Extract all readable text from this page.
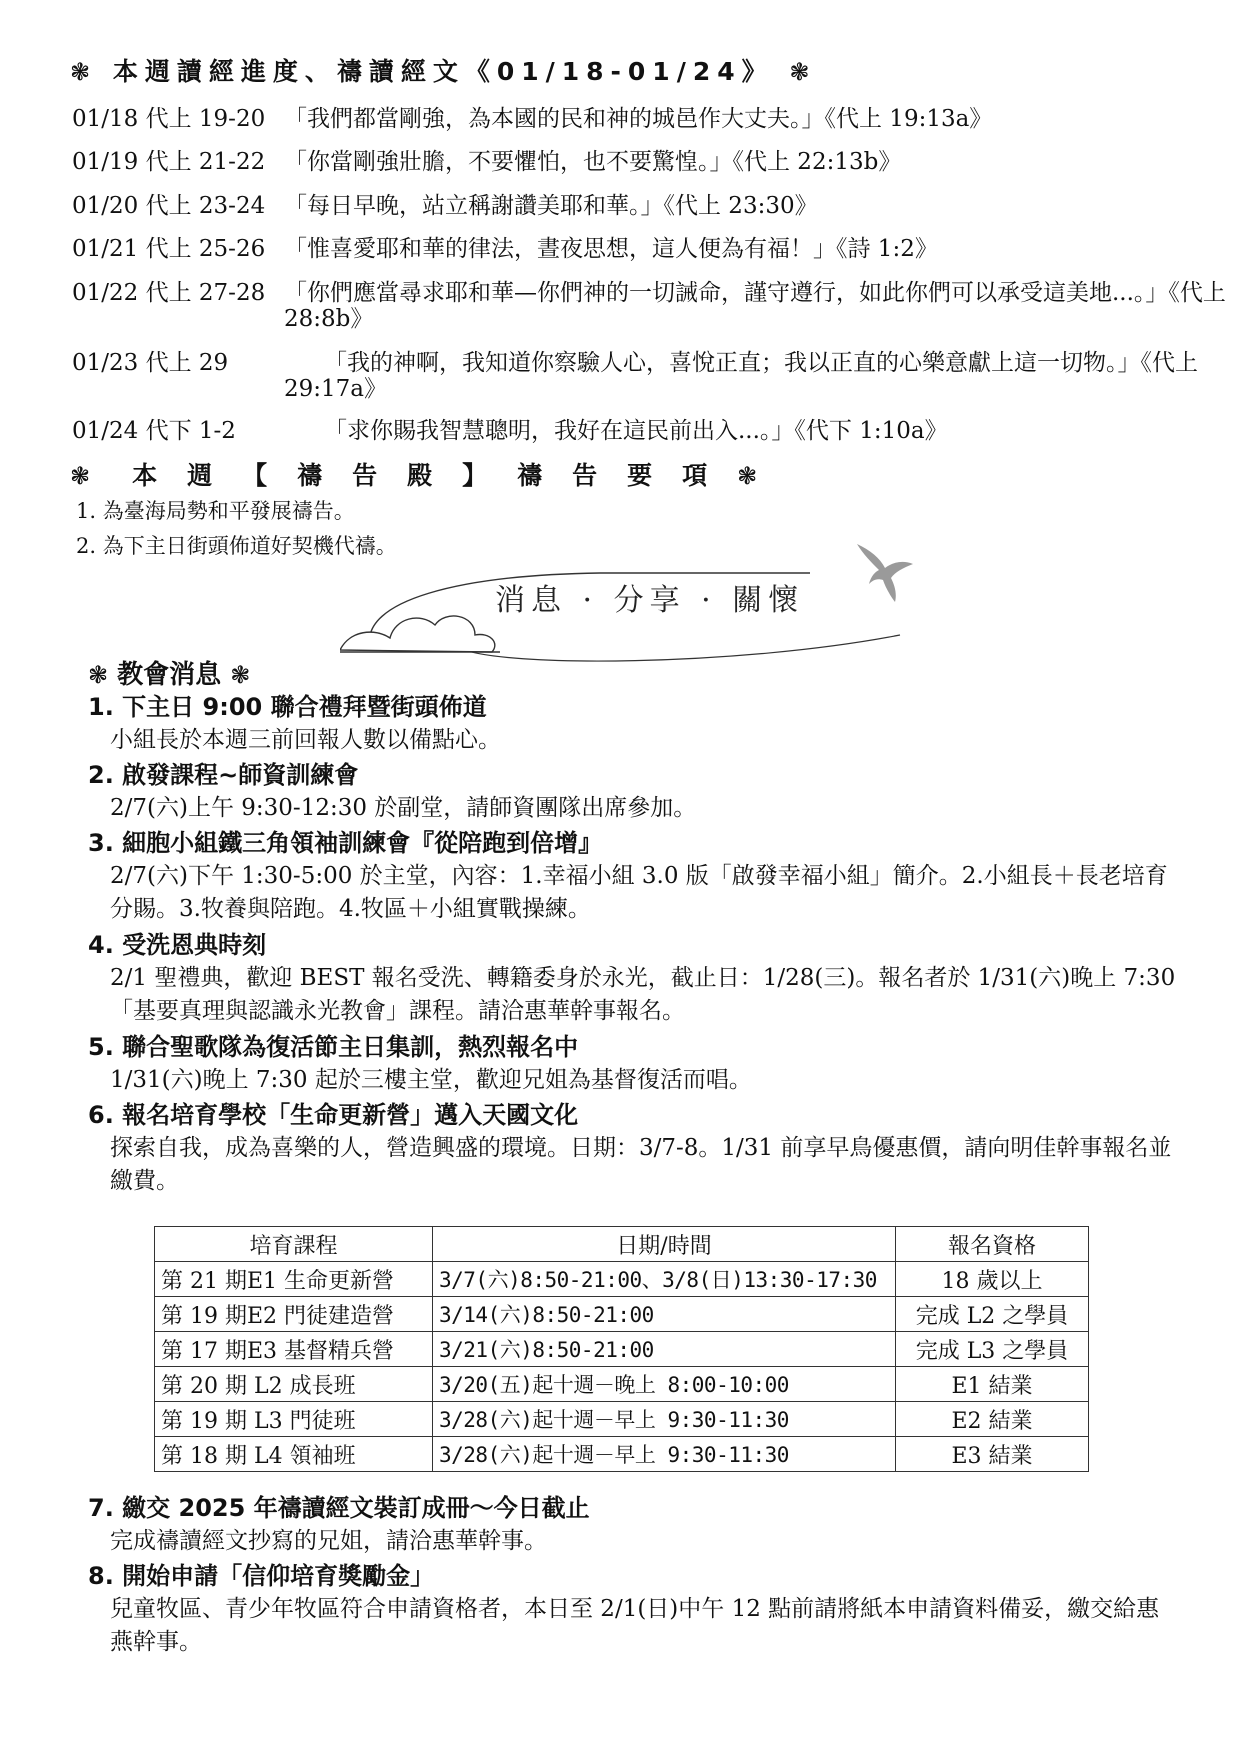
❃ 本週讀經進度、禱讀經文《01/18-01/24》 ❃
01/18 代上 19-20 「我們都當剛強，為本國的民和神的城邑作大丈夫。」《代上 19:13a》
01/19 代上 21-22 「你當剛強壯膽，不要懼怕，也不要驚惶。」《代上 22:13b》
01/20 代上 23-24 「每日早晚，站立稱謝讚美耶和華。」《代上 23:30》
01/21 代上 25-26 「惟喜愛耶和華的律法，晝夜思想，這人便為有福！」《詩 1:2》
01/22 代上 27-28 「你們應當尋求耶和華—你們神的一切誡命，謹守遵行，如此你們可以承受這美地...。」《代上 28:8b》
01/23 代上 29	「我的神啊，我知道你察驗人心，喜悅正直；我以正直的心樂意獻上這一切物。」《代上 29:17a》
01/24 代下 1-2	「求你賜我智慧聰明，我好在這民前出入...。」《代下 1:10a》
❃ 本週【禱告殿】禱告要項❃
1. 為臺海局勢和平發展禱告。
2. 為下主日街頭佈道好契機代禱。
消息 · 分享 · 關懷
❃ 教會消息 ❃
1. 下主日 9:00 聯合禮拜暨街頭佈道
小組長於本週三前回報人數以備點心。
2. 啟發課程~師資訓練會
2/7(六)上午 9:30-12:30 於副堂，請師資團隊出席參加。
3. 細胞小組鐵三角領袖訓練會『從陪跑到倍增』
2/7(六)下午 1:30-5:00 於主堂，內容：1.幸福小組 3.0 版「啟發幸福小組」簡介。2.小組長＋長老培育分賜。3.牧養與陪跑。4.牧區＋小組實戰操練。
4. 受洗恩典時刻
2/1 聖禮典，歡迎 BEST 報名受洗、轉籍委身於永光，截止日：1/28(三)。報名者於 1/31(六)晚上 7:30「基要真理與認識永光教會」課程。請洽惠華幹事報名。
5. 聯合聖歌隊為復活節主日集訓，熱烈報名中
1/31(六)晚上 7:30 起於三樓主堂，歡迎兄姐為基督復活而唱。
6. 報名培育學校「生命更新營」邁入天國文化
探索自我，成為喜樂的人，營造興盛的環境。日期：3/7-8。1/31 前享早鳥優惠價，請向明佳幹事報名並繳費。
培育課程	日期/時間	報名資格
第 21 期E1 生命更新營	3/7(六)8:50-21:00、3/8(日)13:30-17:30	18 歲以上
第 19 期E2 門徒建造營	3/14(六)8:50-21:00	完成 L2 之學員
第 17 期E3 基督精兵營	3/21(六)8:50-21:00	完成 L3 之學員
第 20 期 L2 成長班	3/20(五)起十週－晚上 8:00-10:00	E1 結業
第 19 期 L3 門徒班	3/28(六)起十週－早上 9:30-11:30	E2 結業
第 18 期 L4 領袖班	3/28(六)起十週－早上 9:30-11:30	E3 結業
7. 繳交 2025 年禱讀經文裝訂成冊～今日截止
完成禱讀經文抄寫的兄姐，請洽惠華幹事。
8. 開始申請「信仰培育獎勵金」
兒童牧區、青少年牧區符合申請資格者，本日至 2/1(日)中午 12 點前請將紙本申請資料備妥，繳交給惠燕幹事。
